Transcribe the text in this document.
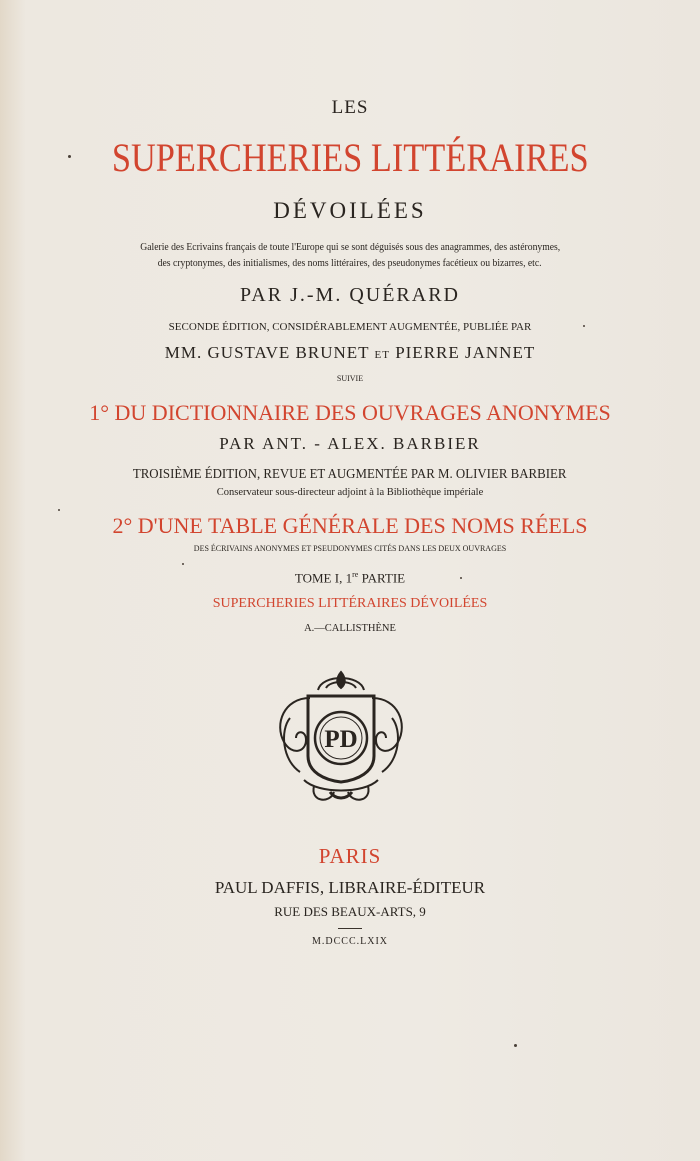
LES
SUPERCHERIES LITTÉRAIRES
DÉVOILÉES
Galerie des Ecrivains français de toute l'Europe qui se sont déguisés sous des anagrammes, des astéronymes,
des cryptonymes, des initialismes, des noms littéraires, des pseudonymes facétieux ou bizarres, etc.
PAR J.-M. QUÉRARD
SECONDE ÉDITION, CONSIDÉRABLEMENT AUGMENTÉE, PUBLIÉE PAR
MM. GUSTAVE BRUNET ET PIERRE JANNET
SUIVIE
1° DU DICTIONNAIRE DES OUVRAGES ANONYMES
PAR ANT. - ALEX. BARBIER
TROISIÈME ÉDITION, REVUE ET AUGMENTÉE PAR M. OLIVIER BARBIER
Conservateur sous-directeur adjoint à la Bibliothèque impériale
2° D'UNE TABLE GÉNÉRALE DES NOMS RÉELS
DES ÉCRIVAINS ANONYMES ET PSEUDONYMES CITÉS DANS LES DEUX OUVRAGES
TOME I, 1re PARTIE
SUPERCHERIES LITTÉRAIRES DÉVOILÉES
A.—CALLISTHÈNE
PD
PARIS
PAUL DAFFIS, LIBRAIRE-ÉDITEUR
RUE DES BEAUX-ARTS, 9
M.DCCC.LXIX
